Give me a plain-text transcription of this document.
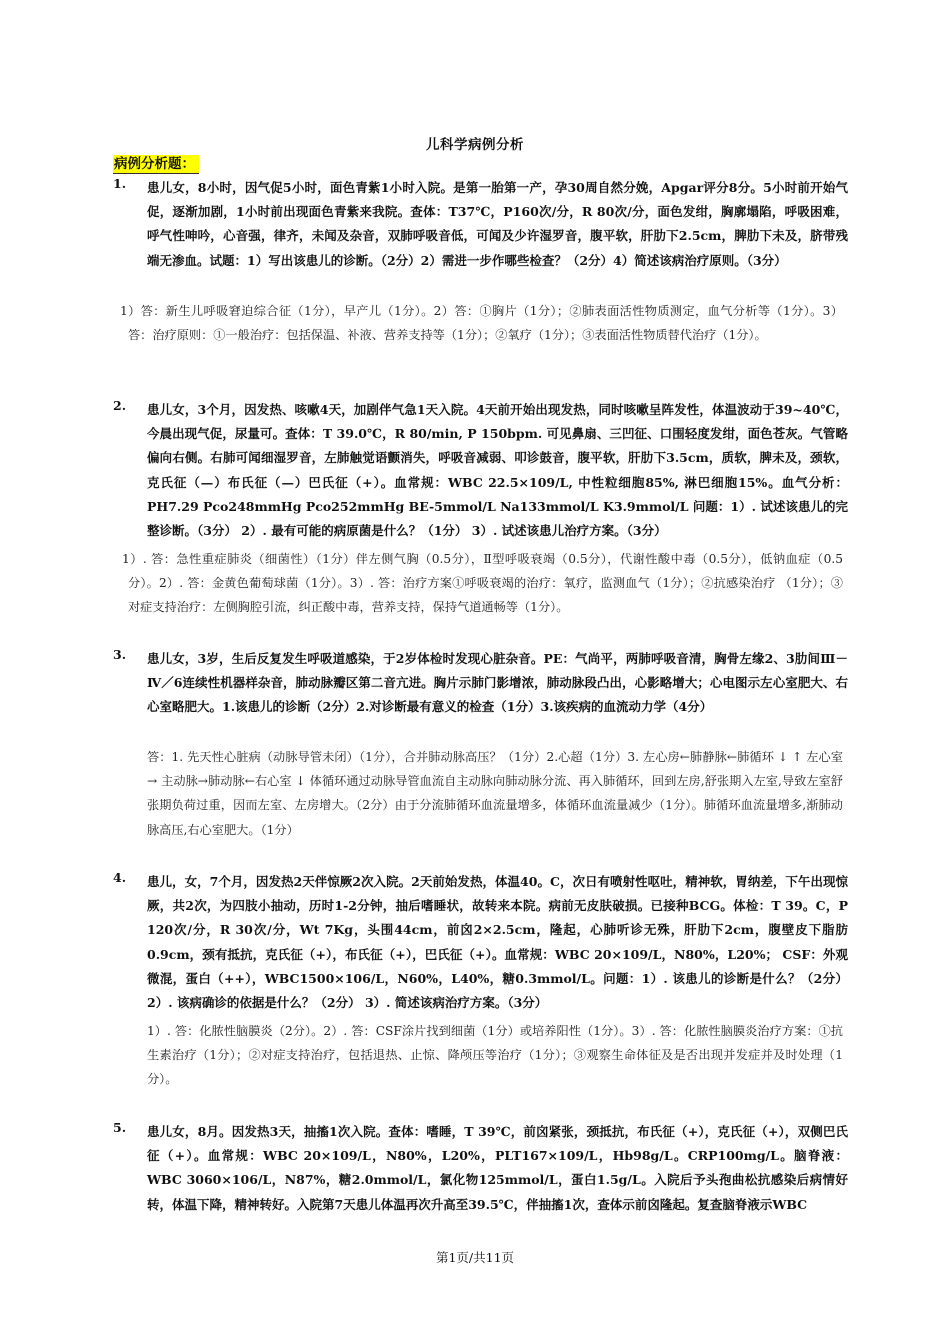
儿科学病例分析
病例分析题：
1. 患儿女，8小时，因气促5小时，面色青紫1小时入院。是第一胎第一产，孕30周自然分娩，Apgar评分8分。5小时前开始气促，逐渐加剧，1小时前出现面色青紫来我院。查体：T37℃，P160次/分，R 80次/分，面色发绀，胸廓塌陷，呼吸困难，呼气性呻吟，心音强，律齐，未闻及杂音，双肺呼吸音低，可闻及少许湿罗音，腹平软，肝肋下2.5cm，脾肋下未及，脐带残端无渗血。试题：1）写出该患儿的诊断。（2分）2）需进一步作哪些检查？（2分）4）简述该病治疗原则。（3分）
1）答：新生儿呼吸窘迫综合征（1分），早产儿（1分）。2）答：①胸片（1分）；②肺表面活性物质测定，血气分析等（1分）。3）答：治疗原则：①一般治疗：包括保温、补液、营养支持等（1分）；②氧疗（1分）；③表面活性物质替代治疗（1分）。
2. 患儿女，3个月，因发热、咳嗽4天，加剧伴气急1天入院。4天前开始出现发热，同时咳嗽呈阵发性，体温波动于39~40℃，今晨出现气促，尿量可。查体：T 39.0℃，R 80/min, P 150bpm. 可见鼻扇、三凹征、口围轻度发绀，面色苍灰。气管略偏向右侧。右肺可闻细湿罗音，左肺触觉语颤消失，呼吸音减弱、叩诊鼓音，腹平软，肝肋下3.5cm，质软，脾未及，颈软，克氏征（—）布氏征（—）巴氏征（+）。血常规：WBC 22.5×109/L, 中性粒细胞85%, 淋巴细胞15%。血气分析：PH7.29 Pco248mmHg Pco252mmHg BE-5mmol/L Na133mmol/L K3.9mmol/L 问题：1）. 试述该患儿的完整诊断。（3分） 2）. 最有可能的病原菌是什么？（1分） 3）. 试述该患儿治疗方案。（3分）
1）. 答：急性重症肺炎（细菌性）（1分）伴左侧气胸（0.5分），Ⅱ型呼吸衰竭（0.5分），代谢性酸中毒（0.5分），低钠血症（0.5分）。2）. 答：金黄色葡萄球菌（1分）。3）. 答：治疗方案①呼吸衰竭的治疗：氧疗，监测血气（1分）；②抗感染治疗 （1分）；③对症支持治疗：左侧胸腔引流，纠正酸中毒，营养支持，保持气道通畅等（1分）。
3. 患儿女，3岁，生后反复发生呼吸道感染，于2岁体检时发现心脏杂音。PE：气尚平，两肺呼吸音清，胸骨左缘2、3肋间Ⅲ－Ⅳ／6连续性机器样杂音，肺动脉瓣区第二音亢进。胸片示肺门影增浓，肺动脉段凸出，心影略增大；心电图示左心室肥大、右心室略肥大。1.该患儿的诊断（2分）2.对诊断最有意义的检查（1分）3.该疾病的血流动力学（4分）
答：1. 先天性心脏病（动脉导管未闭）（1分），合并肺动脉高压？（1分）2.心超（1分）3. 左心房←肺静脉←肺循环 ↓ ↑ 左心室→ 主动脉→肺动脉←右心室 ↓ 体循环通过动脉导管血流自主动脉向肺动脉分流、再入肺循环，回到左房,舒张期入左室,导致左室舒张期负荷过重，因而左室、左房增大。（2分）由于分流肺循环血流量增多，体循环血流量减少（1分）。肺循环血流量增多,渐肺动脉高压,右心室肥大。（1分）
4. 患儿，女，7个月，因发热2天伴惊厥2次入院。2天前始发热，体温40。C，次日有喷射性呕吐，精神软，胃纳差，下午出现惊厥，共2次，为四肢小抽动，历时1-2分钟，抽后嗜睡状，故转来本院。病前无皮肤破损。已接种BCG。体检：T 39。C，P 120次/分，R 30次/分，Wt 7Kg，头围44cm，前囟2×2.5cm，隆起，心肺听诊无殊，肝肋下2cm，腹壁皮下脂肪0.9cm，颈有抵抗，克氏征（+），布氏征（+），巴氏征（+）。血常规：WBC 20×109/L，N80%，L20%； CSF：外观微混，蛋白（++），WBC1500×106/L，N60%，L40%，糖0.3mmol/L。问题：1）. 该患儿的诊断是什么？（2分）2）. 该病确诊的依据是什么？（2分） 3）. 简述该病治疗方案。（3分）
1）. 答：化脓性脑膜炎（2分）。2）. 答：CSF涂片找到细菌（1分）或培养阳性（1分）。3）. 答：化脓性脑膜炎治疗方案：①抗生素治疗（1分）；②对症支持治疗，包括退热、止惊、降颅压等治疗（1分）；③观察生命体征及是否出现并发症并及时处理（1分）。
5. 患儿女，8月。因发热3天，抽搐1次入院。查体：嗜睡，T 39℃，前囟紧张，颈抵抗，布氏征（+），克氏征（+），双侧巴氏征（+）。血常规：WBC 20×109/L，N80%，L20%，PLT167×109/L，Hb98g/L。CRP100mg/L。脑脊液：WBC 3060×106/L，N87%，糖2.0mmol/L，氯化物125mmol/L，蛋白1.5g/L。入院后予头孢曲松抗感染后病情好转，体温下降，精神转好。入院第7天患儿体温再次升高至39.5℃，伴抽搐1次，查体示前囟隆起。复查脑脊液示WBC
第1页/共11页
